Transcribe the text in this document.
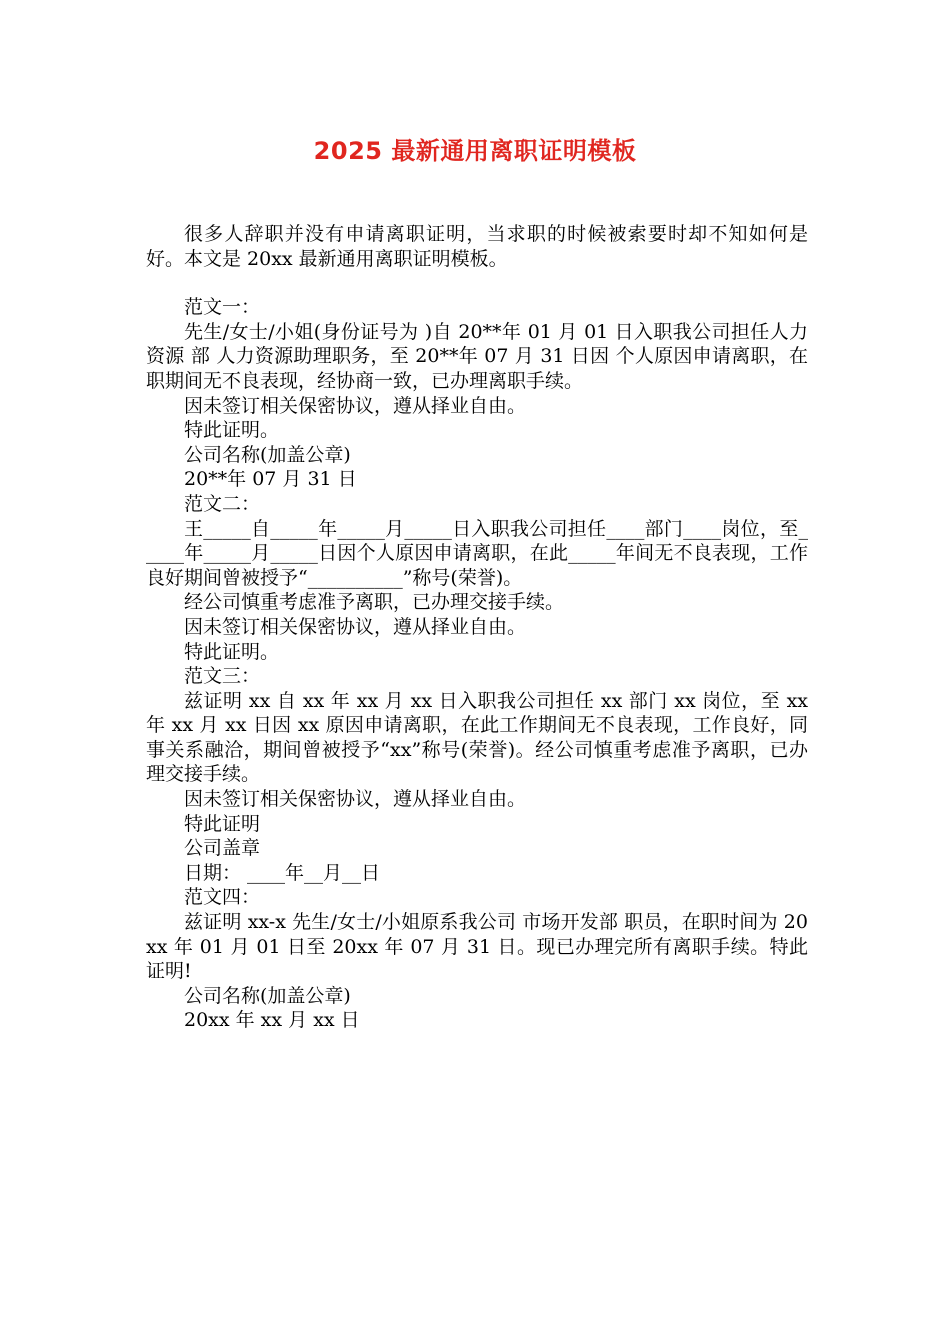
2025 最新通用离职证明模板

很多人辞职并没有申请离职证明，当求职的时候被索要时却不知如何是好。本文是 20xx 最新通用离职证明模板。

范文一：

先生/女士/小姐(身份证号为 )自 20**年 01 月 01 日入职我公司担任人力资源 部 人力资源助理职务，至 20**年 07 月 31 日因 个人原因申请离职，在职期间无不良表现，经协商一致，已办理离职手续。

因未签订相关保密协议，遵从择业自由。

特此证明。

公司名称(加盖公章)

20**年 07 月 31 日

范文二：

王_____自_____年_____月_____日入职我公司担任____部门____岗位，至_____年_____月_____日因个人原因申请离职，在此_____年间无不良表现，工作良好期间曾被授予“__________”称号(荣誉)。

经公司慎重考虑准予离职，已办理交接手续。

因未签订相关保密协议，遵从择业自由。

特此证明。

范文三：

兹证明 xx 自 xx 年 xx 月 xx 日入职我公司担任 xx 部门 xx 岗位，至 xx 年 xx 月 xx 日因 xx 原因申请离职，在此工作期间无不良表现，工作良好，同事关系融洽，期间曾被授予“xx”称号(荣誉)。经公司慎重考虑准予离职，已办理交接手续。

因未签订相关保密协议，遵从择业自由。

特此证明

公司盖章

日期： ____年__月__日

范文四：

兹证明 xx-x 先生/女士/小姐原系我公司 市场开发部 职员，在职时间为 20xx 年 01 月 01 日至 20xx 年 07 月 31 日。现已办理完所有离职手续。特此证明!

公司名称(加盖公章)

20xx 年 xx 月 xx 日
